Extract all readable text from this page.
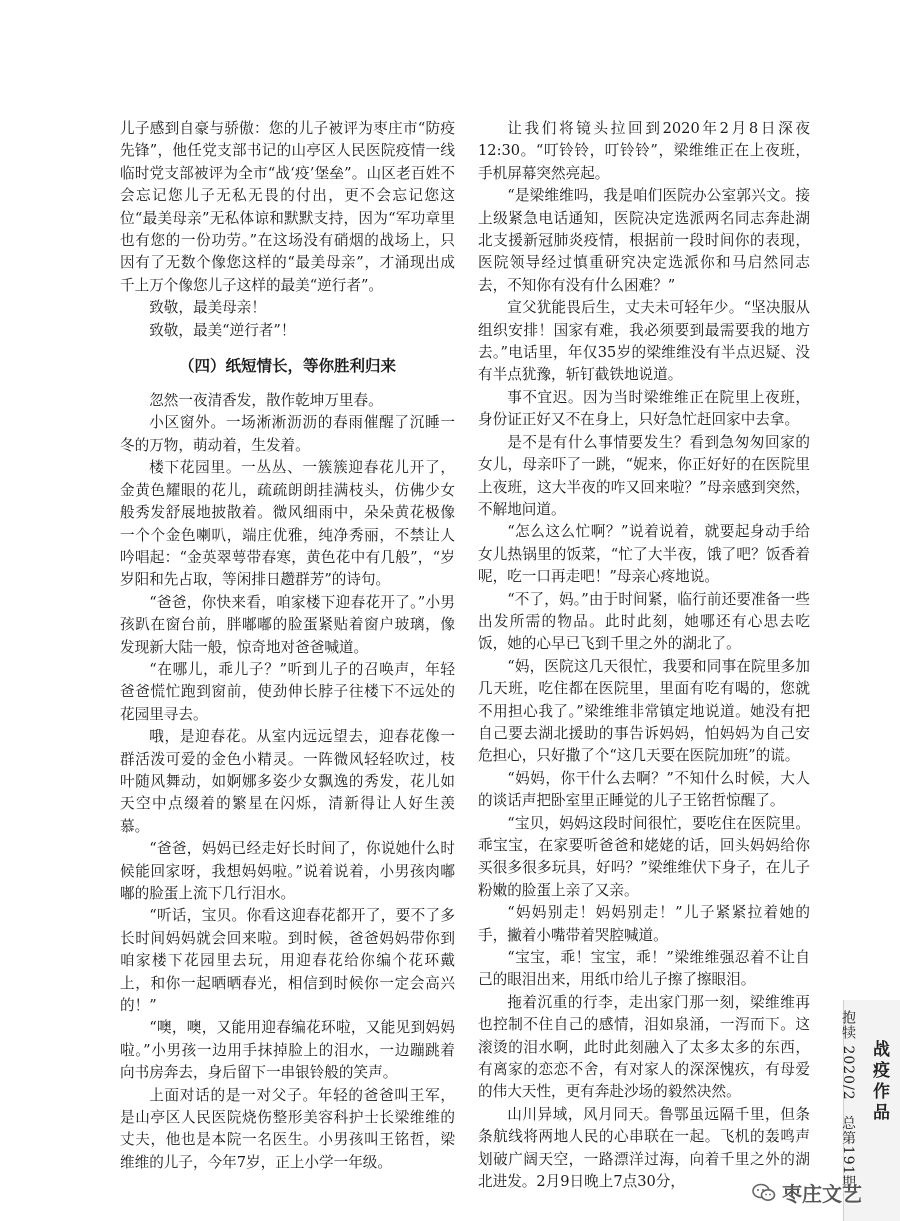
儿子感到自豪与骄傲：您的儿子被评为枣庄市“防疫先锋”，他任党支部书记的山亭区人民医院疫情一线临时党支部被评为全市“战‘疫’堡垒”。山区老百姓不会忘记您儿子无私无畏的付出，更不会忘记您这位“最美母亲”无私体谅和默默支持，因为“军功章里也有您的一份功劳。”在这场没有硝烟的战场上，只因有了无数个像您这样的“最美母亲”，才涌现出成千上万个像您儿子这样的最美“逆行者”。

致敬，最美母亲！

致敬，最美“逆行者”！

（四）纸短情长，等你胜利归来

忽然一夜清香发，散作乾坤万里春。

小区窗外。一场淅淅沥沥的春雨催醒了沉睡一冬的万物，萌动着，生发着。

楼下花园里。一丛丛、一簇簇迎春花儿开了，金黄色耀眼的花儿，疏疏朗朗挂满枝头，仿佛少女般秀发舒展地披散着。微风细雨中，朵朵黄花极像一个个金色喇叭，端庄优雅，纯净秀丽，不禁让人吟唱起：“金英翠萼带春寒，黄色花中有几般”，“岁岁阳和先占取，等闲排日趱群芳”的诗句。

“爸爸，你快来看，咱家楼下迎春花开了。”小男孩趴在窗台前，胖嘟嘟的脸蛋紧贴着窗户玻璃，像发现新大陆一般，惊奇地对爸爸喊道。

“在哪儿，乖儿子？”听到儿子的召唤声，年轻爸爸慌忙跑到窗前，使劲伸长脖子往楼下不远处的花园里寻去。

哦，是迎春花。从室内远远望去，迎春花像一群活泼可爱的金色小精灵。一阵微风轻轻吹过，枝叶随风舞动，如婀娜多姿少女飘逸的秀发，花儿如天空中点缀着的繁星在闪烁，清新得让人好生羡慕。

“爸爸，妈妈已经走好长时间了，你说她什么时候能回家呀，我想妈妈啦。”说着说着，小男孩肉嘟嘟的脸蛋上流下几行泪水。

“听话，宝贝。你看这迎春花都开了，要不了多长时间妈妈就会回来啦。到时候，爸爸妈妈带你到咱家楼下花园里去玩，用迎春花给你编个花环戴上，和你一起晒晒春光，相信到时候你一定会高兴的！”

“噢，噢，又能用迎春编花环啦，又能见到妈妈啦。”小男孩一边用手抹掉脸上的泪水，一边蹦跳着向书房奔去，身后留下一串银铃般的笑声。

上面对话的是一对父子。年轻的爸爸叫王军，是山亭区人民医院烧伤整形美容科护士长梁维维的丈夫，他也是本院一名医生。小男孩叫王铭哲，梁维维的儿子，今年7岁，正上小学一年级。

让我们将镜头拉回到2020年2月8日深夜12:30。“叮铃铃，叮铃铃”，梁维维正在上夜班，手机屏幕突然亮起。

“是梁维维吗，我是咱们医院办公室郭兴文。接上级紧急电话通知，医院决定选派两名同志奔赴湖北支援新冠肺炎疫情，根据前一段时间你的表现，医院领导经过慎重研究决定选派你和马启然同志去，不知你有没有什么困难？”

宣父犹能畏后生，丈夫未可轻年少。“坚决服从组织安排！国家有难，我必须要到最需要我的地方去。”电话里，年仅35岁的梁维维没有半点迟疑、没有半点犹豫，斩钉截铁地说道。

事不宜迟。因为当时梁维维正在院里上夜班，身份证正好又不在身上，只好急忙赶回家中去拿。

是不是有什么事情要发生？看到急匆匆回家的女儿，母亲吓了一跳，“妮来，你正好好的在医院里上夜班，这大半夜的咋又回来啦？”母亲感到突然，不解地问道。

“怎么这么忙啊？”说着说着，就要起身动手给女儿热锅里的饭菜，“忙了大半夜，饿了吧？饭香着呢，吃一口再走吧！”母亲心疼地说。

“不了，妈。”由于时间紧，临行前还要准备一些出发所需的物品。此时此刻，她哪还有心思去吃饭，她的心早已飞到千里之外的湖北了。

“妈，医院这几天很忙，我要和同事在院里多加几天班，吃住都在医院里，里面有吃有喝的，您就不用担心我了。”梁维维非常镇定地说道。她没有把自己要去湖北援助的事告诉妈妈，怕妈妈为自己安危担心，只好撒了个“这几天要在医院加班”的谎。

“妈妈，你干什么去啊？”不知什么时候，大人的谈话声把卧室里正睡觉的儿子王铭哲惊醒了。

“宝贝，妈妈这段时间很忙，要吃住在医院里。乖宝宝，在家要听爸爸和姥姥的话，回头妈妈给你买很多很多玩具，好吗？”梁维维伏下身子，在儿子粉嫩的脸蛋上亲了又亲。

“妈妈别走！妈妈别走！”儿子紧紧拉着她的手，撇着小嘴带着哭腔喊道。

“宝宝，乖！宝宝，乖！”梁维维强忍着不让自己的眼泪出来，用纸巾给儿子擦了擦眼泪。

拖着沉重的行李，走出家门那一刻，梁维维再也控制不住自己的感情，泪如泉涌，一泻而下。这滚烫的泪水啊，此时此刻融入了太多太多的东西，有离家的恋恋不舍，有对家人的深深愧疚，有母爱的伟大天性，更有奔赴沙场的毅然决然。

山川异域，风月同天。鲁鄂虽远隔千里，但条条航线将两地人民的心串联在一起。飞机的轰鸣声划破广阔天空，一路漂洋过海，向着千里之外的湖北进发。2月9日晚上7点30分，	抱犊 2020/2　总第191期 战疫作品
枣庄文艺
